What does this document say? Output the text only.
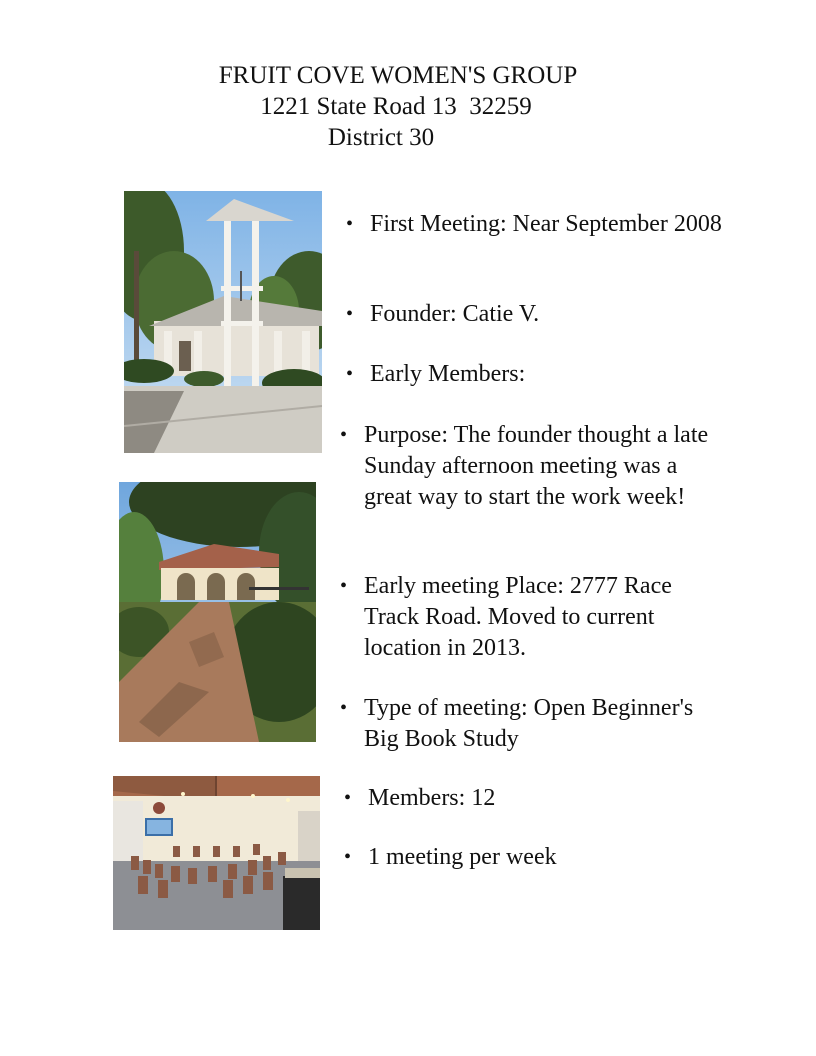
FRUIT COVE WOMEN'S GROUP
1221 State Road 13  32259
District 30
• First Meeting: Near September 2008
• Founder: Catie V.
• Early Members:
• Purpose: The founder thought a late Sunday afternoon meeting was a great way to start the work week!
• Early meeting Place: 2777 Race Track Road. Moved to current location in 2013.
• Type of meeting: Open Beginner's Big Book Study
• Members: 12
• 1 meeting per week
